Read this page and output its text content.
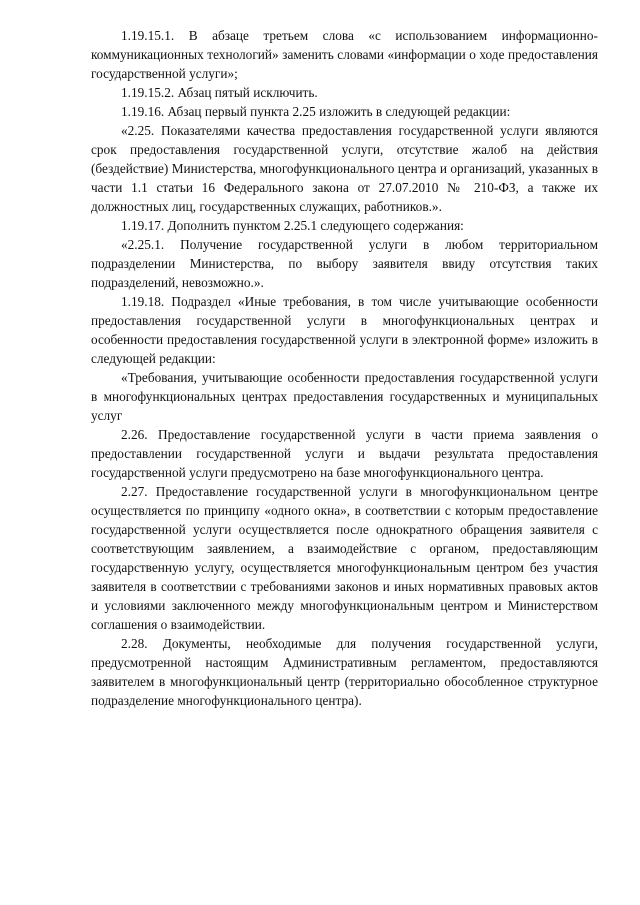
1.19.15.1. В абзаце третьем слова «с использованием информационно-коммуникационных технологий» заменить словами «информации о ходе предоставления государственной услуги»;

1.19.15.2. Абзац пятый исключить.

1.19.16. Абзац первый пункта 2.25 изложить в следующей редакции:

«2.25. Показателями качества предоставления государственной услуги являются срок предоставления государственной услуги, отсутствие жалоб на действия (бездействие) Министерства, многофункционального центра и организаций, указанных в части 1.1 статьи 16 Федерального закона от 27.07.2010 № 210-ФЗ, а также их должностных лиц, государственных служащих, работников.».

1.19.17. Дополнить пунктом 2.25.1 следующего содержания:

«2.25.1. Получение государственной услуги в любом территориальном подразделении Министерства, по выбору заявителя ввиду отсутствия таких подразделений, невозможно.».

1.19.18. Подраздел «Иные требования, в том числе учитывающие особенности предоставления государственной услуги в многофункциональных центрах и особенности предоставления государственной услуги в электронной форме» изложить в следующей редакции:

«Требования, учитывающие особенности предоставления государственной услуги в многофункциональных центрах предоставления государственных и муниципальных услуг

2.26. Предоставление государственной услуги в части приема заявления о предоставлении государственной услуги и выдачи результата предоставления государственной услуги предусмотрено на базе многофункционального центра.

2.27. Предоставление государственной услуги в многофункциональном центре осуществляется по принципу «одного окна», в соответствии с которым предоставление государственной услуги осуществляется после однократного обращения заявителя с соответствующим заявлением, а взаимодействие с органом, предоставляющим государственную услугу, осуществляется многофункциональным центром без участия заявителя в соответствии с требованиями законов и иных нормативных правовых актов и условиями заключенного между многофункциональным центром и Министерством соглашения о взаимодействии.

2.28. Документы, необходимые для получения государственной услуги, предусмотренной настоящим Административным регламентом, предоставляются заявителем в многофункциональный центр (территориально обособленное структурное подразделение многофункционального центра).
